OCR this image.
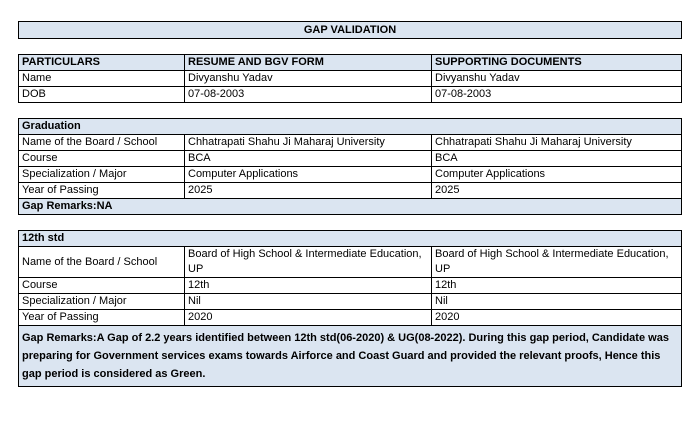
GAP VALIDATION		

PARTICULARS	RESUME AND BGV FORM	SUPPORTING DOCUMENTS
Name	Divyanshu Yadav	Divyanshu Yadav
DOB	07-08-2003	07-08-2003

Graduation		
Name of the Board / School	Chhatrapati Shahu Ji Maharaj University	Chhatrapati Shahu Ji Maharaj University
Course	BCA	BCA
Specialization / Major	Computer Applications	Computer Applications
Year of Passing	2025	2025
Gap Remarks:NA		

12th std		
Name of the Board / School	Board of High School & Intermediate Education, UP	Board of High School & Intermediate Education, UP
Course	12th	12th
Specialization / Major	Nil	Nil
Year of Passing	2020	2020
Gap Remarks:A Gap of 2.2 years identified between 12th std(06-2020) & UG(08-2022). During this gap period, Candidate was preparing for Government services exams towards Airforce and Coast Guard and provided the relevant proofs, Hence this gap period is considered as Green.		
